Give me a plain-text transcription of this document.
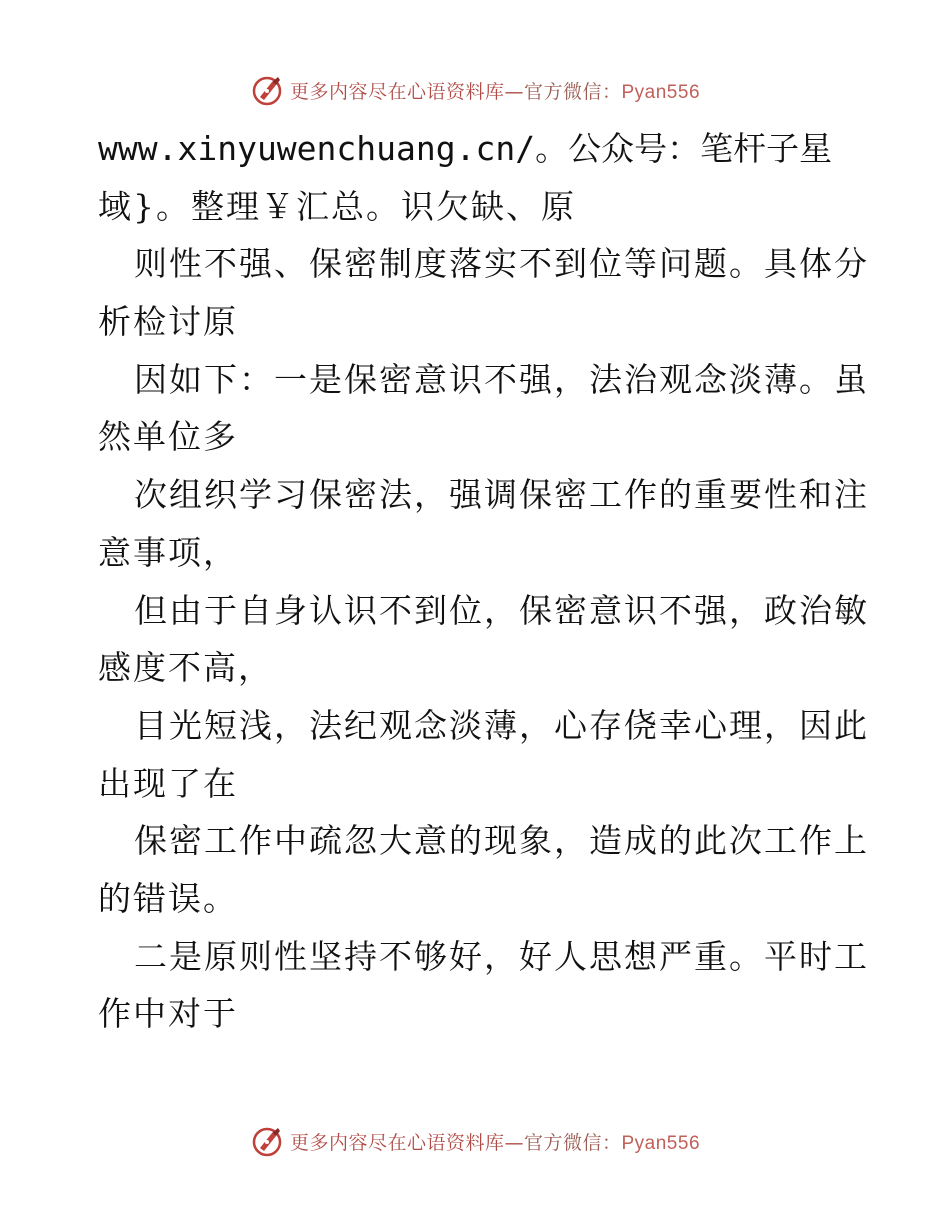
更多内容尽在心语资料库—官方微信：Pyan556
www.xinyuwenchuang.cn/。公众号：笔杆子星
域}。整理￥汇总。识欠缺、原
则性不强、保密制度落实不到位等问题。具体分
析检讨原
因如下：一是保密意识不强，法治观念淡薄。虽
然单位多
次组织学习保密法，强调保密工作的重要性和注
意事项，
但由于自身认识不到位，保密意识不强，政治敏
感度不高，
目光短浅，法纪观念淡薄，心存侥幸心理，因此
出现了在
保密工作中疏忽大意的现象，造成的此次工作上
的错误。
二是原则性坚持不够好，好人思想严重。平时工
作中对于
更多内容尽在心语资料库—官方微信：Pyan556
